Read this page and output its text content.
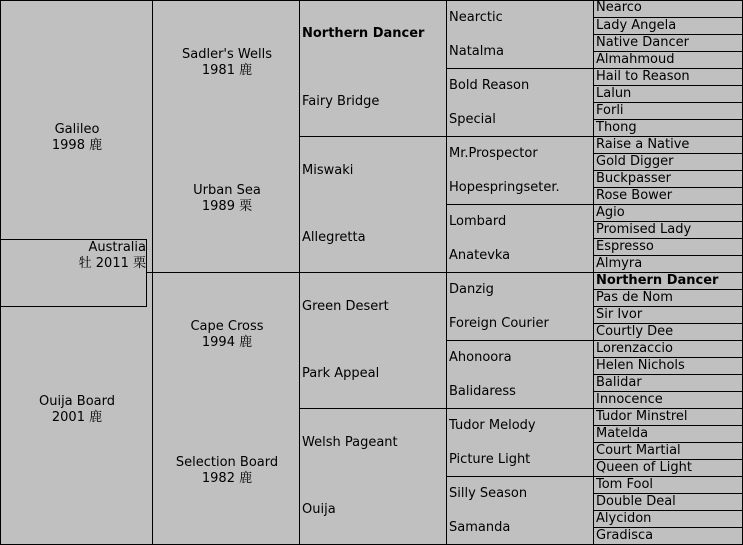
Galileo
1998 鹿
Ouija Board
2001 鹿
Australia
牡 2011 栗
Sadler's Wells
1981 鹿
Urban Sea
1989 栗
Cape Cross
1994 鹿
Selection Board
1982 鹿
Northern Dancer
Fairy Bridge
Miswaki
Allegretta
Green Desert
Park Appeal
Welsh Pageant
Ouija
Nearctic
Natalma
Bold Reason
Special
Mr.Prospector
Hopespringseter.
Lombard
Anatevka
Danzig
Foreign Courier
Ahonoora
Balidaress
Tudor Melody
Picture Light
Silly Season
Samanda
Nearco
Lady Angela
Native Dancer
Almahmoud
Hail to Reason
Lalun
Forli
Thong
Raise a Native
Gold Digger
Buckpasser
Rose Bower
Agio
Promised Lady
Espresso
Almyra
Northern Dancer
Pas de Nom
Sir Ivor
Courtly Dee
Lorenzaccio
Helen Nichols
Balidar
Innocence
Tudor Minstrel
Matelda
Court Martial
Queen of Light
Tom Fool
Double Deal
Alycidon
Gradisca
